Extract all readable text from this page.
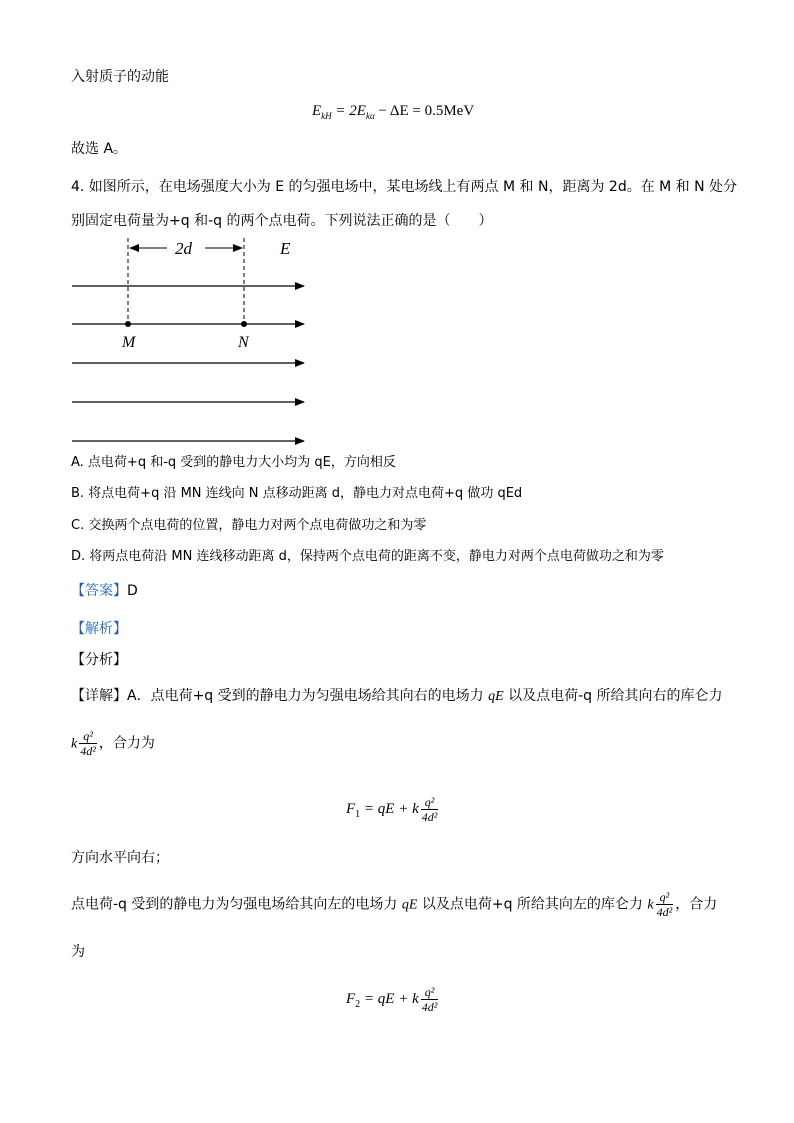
入射质子的动能
$E_{kH} = 2E_{k\alpha} - \Delta E = 0.5MeV$
故选 A。
4. 如图所示，在电场强度大小为 E 的匀强电场中，某电场线上有两点 M 和 N，距离为 2d。在 M 和 N 处分
别固定电荷量为+q 和-q 的两个点电荷。下列说法正确的是（　　）
2d	E
M	N
A. 点电荷+q 和-q 受到的静电力大小均为 qE，方向相反
B. 将点电荷+q 沿 MN 连线向 N 点移动距离 d，静电力对点电荷+q 做功 qEd
C. 交换两个点电荷的位置，静电力对两个点电荷做功之和为零
D. 将两点电荷沿 MN 连线移动距离 d，保持两个点电荷的距离不变，静电力对两个点电荷做功之和为零
【答案】D
【解析】
【分析】
【详解】A．点电荷+q 受到的静电力为匀强电场给其向右的电场力 qE 以及点电荷-q 所给其向右的库仑力
k $\frac{\text{q²}}{\text{4d²}}$ ，合力为
$F_1$ = qE + k $\frac{\text{q²}}{\text{4d²}}$
方向水平向右；
点电荷-q 受到的静电力为匀强电场给其向左的电场力 qE 以及点电荷+q 所给其向左的库仑力 k $\frac{\text{q²}}{\text{4d²}}$ ，合力
为
$F_2$ = qE + k $\frac{\text{q²}}{\text{4d²}}$
